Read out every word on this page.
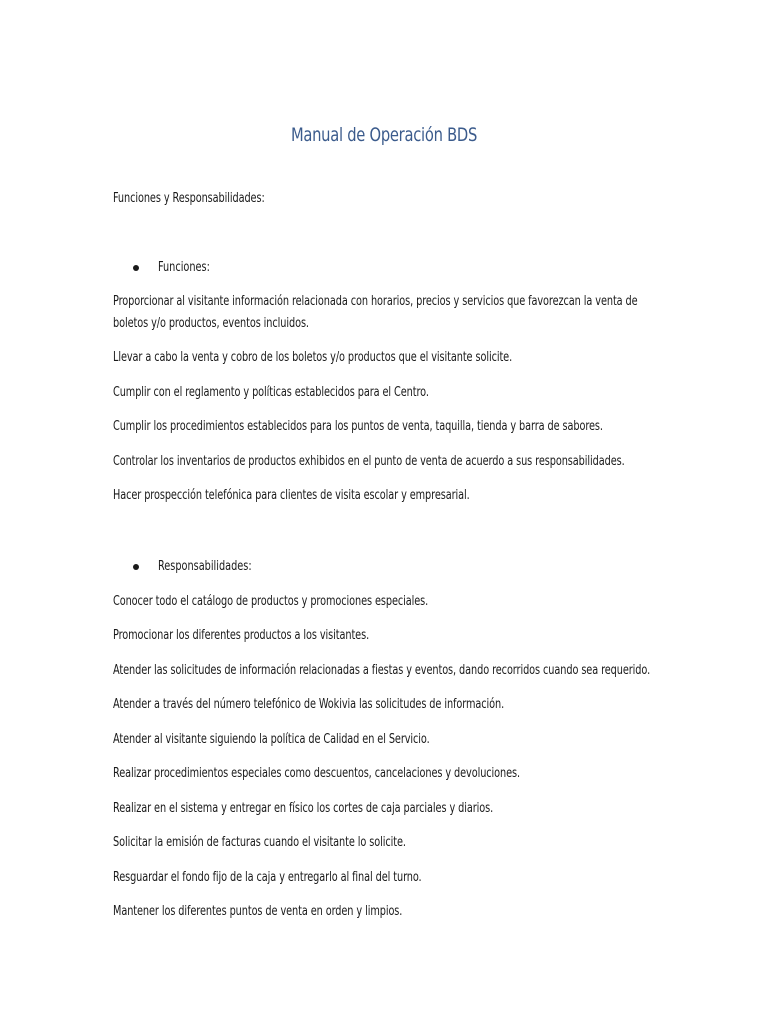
Manual de Operación BDS
Funciones y Responsabilidades:
Funciones:
Proporcionar al visitante información relacionada con horarios, precios y servicios que favorezcan la venta de
boletos y/o productos, eventos incluidos.
Llevar a cabo la venta y cobro de los boletos y/o productos que el visitante solicite.
Cumplir con el reglamento y políticas establecidos para el Centro.
Cumplir los procedimientos establecidos para los puntos de venta, taquilla, tienda y barra de sabores.
Controlar los inventarios de productos exhibidos en el punto de venta de acuerdo a sus responsabilidades.
Hacer prospección telefónica para clientes de visita escolar y empresarial.
Responsabilidades:
Conocer todo el catálogo de productos y promociones especiales.
Promocionar los diferentes productos a los visitantes.
Atender las solicitudes de información relacionadas a fiestas y eventos, dando recorridos cuando sea requerido.
Atender a través del número telefónico de Wokivia las solicitudes de información.
Atender al visitante siguiendo la política de Calidad en el Servicio.
Realizar procedimientos especiales como descuentos, cancelaciones y devoluciones.
Realizar en el sistema y entregar en físico los cortes de caja parciales y diarios.
Solicitar la emisión de facturas cuando el visitante lo solicite.
Resguardar el fondo fijo de la caja y entregarlo al final del turno.
Mantener los diferentes puntos de venta en orden y limpios.
